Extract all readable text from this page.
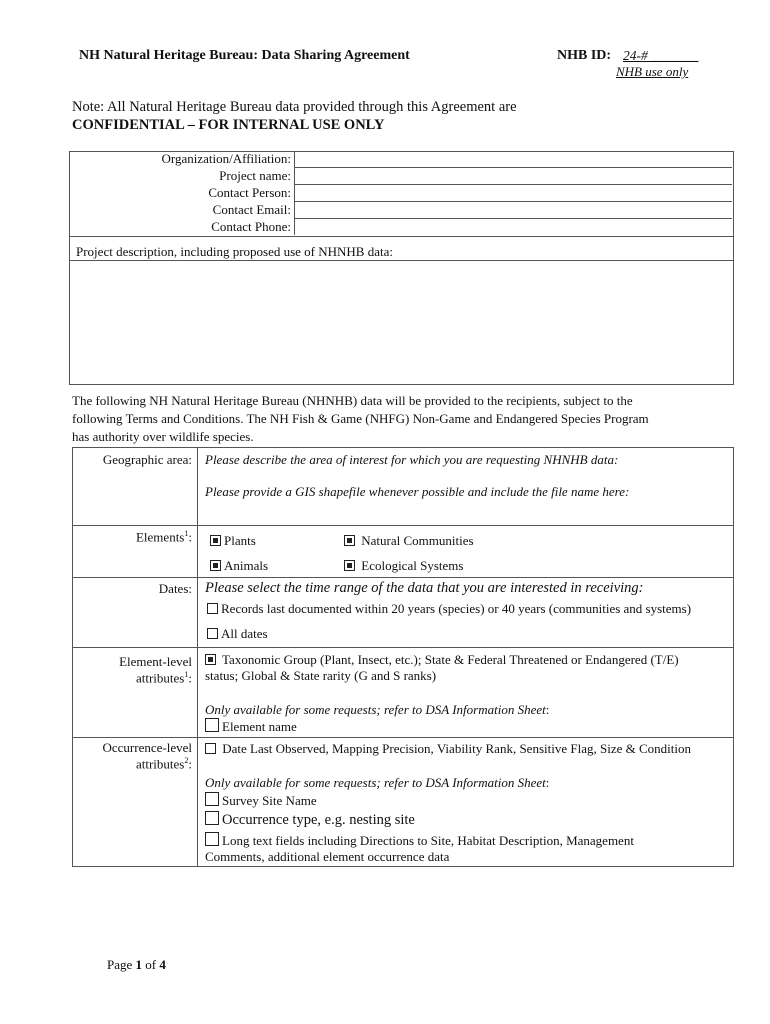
NH Natural Heritage Bureau: Data Sharing Agreement	NHB ID: 24-# _______
NHB use only
Note: All Natural Heritage Bureau data provided through this Agreement are
CONFIDENTIAL – FOR INTERNAL USE ONLY
Organization/Affiliation:	
Project name:	
Contact Person:	
Contact Email:	
Contact Phone:	
Project description, including proposed use of NHNHB data:
The following NH Natural Heritage Bureau (NHNHB) data will be provided to the recipients, subject to the
following Terms and Conditions. The NH Fish & Game (NHFG) Non-Game and Endangered Species Program
has authority over wildlife species.
Geographic area: Please describe the area of interest for which you are requesting NHNHB data:
Please provide a GIS shapefile whenever possible and include the file name here:
Elements$^1$:	Plants	Natural Communities
Animals	Ecological Systems
Dates: Please select the time range of the data that you are interested in receiving:
Records last documented within 20 years (species) or 40 years (communities and systems)
All dates
Element-level
attributes$^1$:
Taxonomic Group (Plant, Insect, etc.); State & Federal Threatened or Endangered (T/E)
status; Global & State rarity (G and S ranks)
Only available for some requests; refer to DSA Information Sheet:
Element name
Occurrence-level
attributes$^2$:
Date Last Observed, Mapping Precision, Viability Rank, Sensitive Flag, Size & Condition
Only available for some requests; refer to DSA Information Sheet:
Survey Site Name
Occurrence type, e.g. nesting site
Long text fields including Directions to Site, Habitat Description, Management
Comments, additional element occurrence data
Page 1 of 4
